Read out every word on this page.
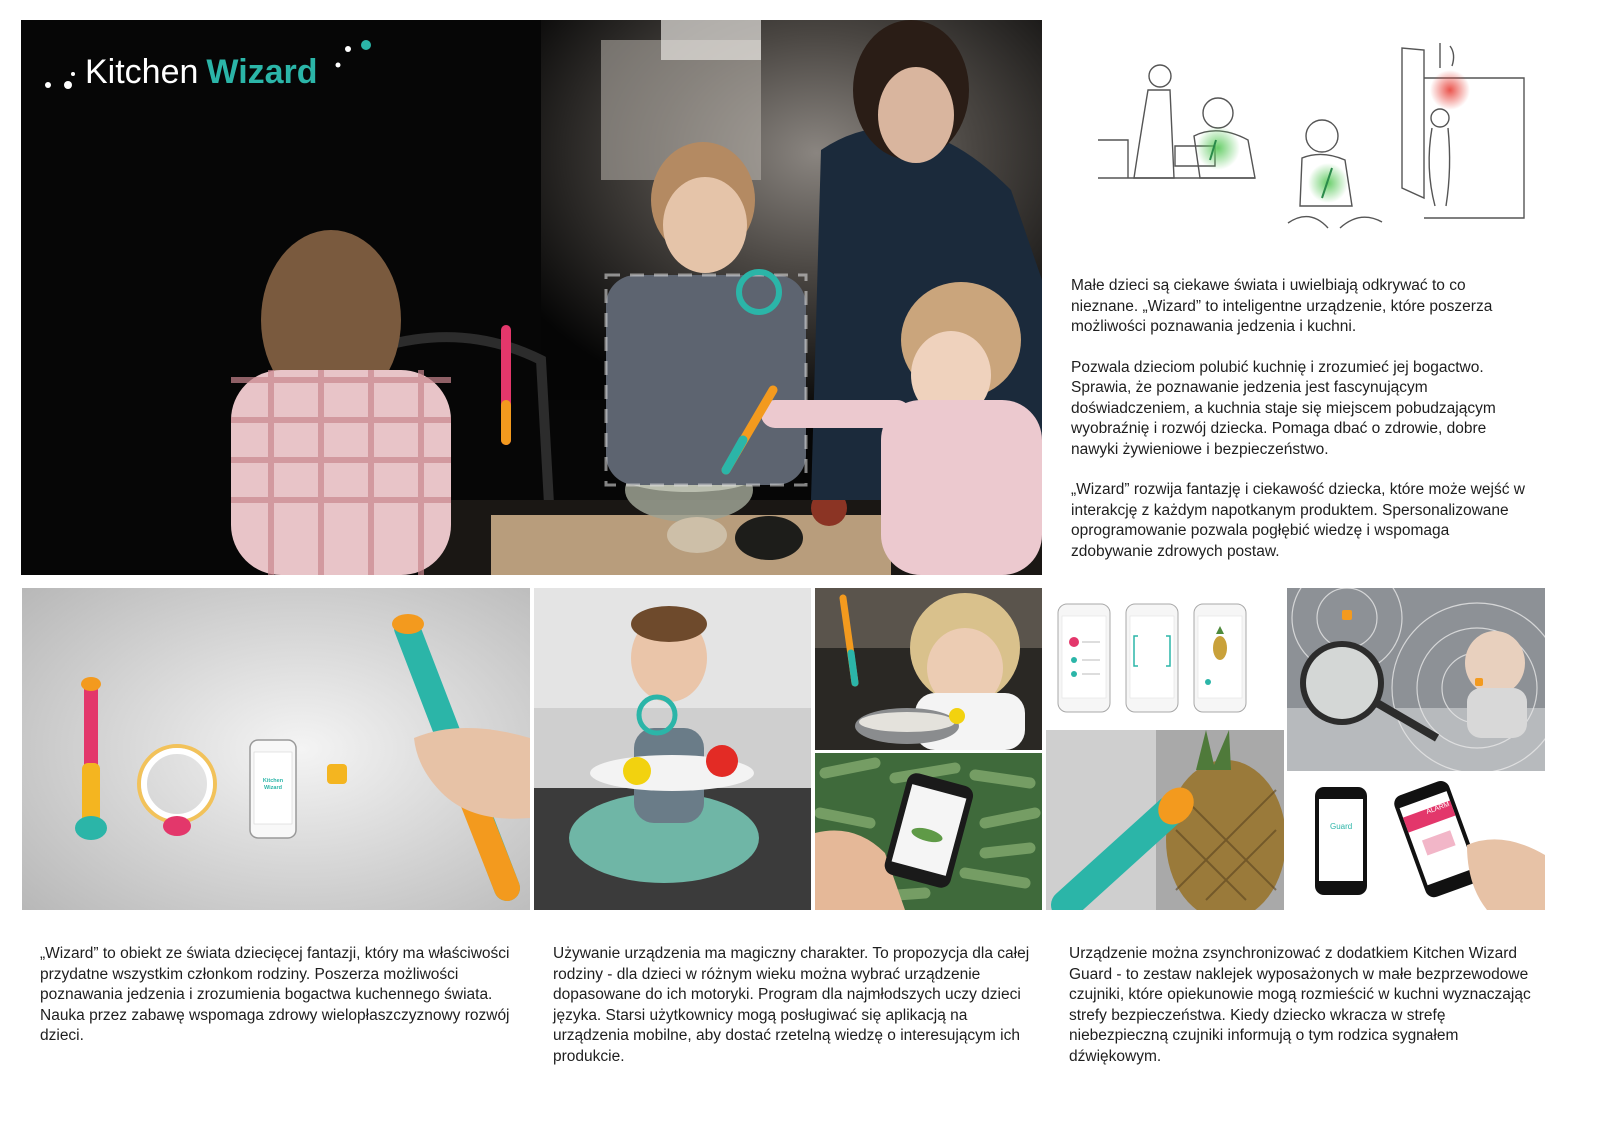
Kitchen Wizard

Małe dzieci są ciekawe świata i uwielbiają odkrywać to co nieznane. „Wizard” to inteligentne urządzenie, które poszerza możliwości poznawania jedzenia i kuchni.

Pozwala dzieciom polubić kuchnię i zrozumieć jej bogactwo. Sprawia, że poznawanie jedzenia jest fascynującym doświadczeniem, a kuchnia staje się miejscem pobudzającym wyobraźnię i rozwój dziecka. Pomaga dbać o zdrowie, dobre nawyki żywieniowe i bezpieczeństwo.

„Wizard” rozwija fantazję i ciekawość dziecka, które może wejść w interakcję z każdym napotkanym produktem. Spersonalizowane oprogramowanie pozwala pogłębić wiedzę i wspomaga zdobywanie zdrowych postaw.

Kitchen Wizard
Guard
ALARM

„Wizard” to obiekt ze świata dziecięcej fantazji, który ma właściwości przydatne wszystkim członkom rodziny. Poszerza możliwości poznawania jedzenia i zrozumienia bogactwa kuchennego świata. Nauka przez zabawę wspomaga zdrowy wielopłaszczyznowy rozwój dzieci.

Używanie urządzenia ma magiczny charakter. To propozycja dla całej rodziny - dla dzieci w różnym wieku można wybrać urządzenie dopasowane do ich motoryki. Program dla najmłodszych uczy dzieci języka. Starsi użytkownicy mogą posługiwać się aplikacją na urządzenia mobilne, aby dostać rzetelną wiedzę o interesującym ich produkcie.

Urządzenie można zsynchronizować z dodatkiem Kitchen Wizard Guard - to zestaw naklejek wyposażonych w małe bezprzewodowe czujniki, które opiekunowie mogą rozmieścić w kuchni wyznaczając strefy bezpieczeństwa. Kiedy dziecko wkracza w strefę niebezpieczną czujniki informują o tym rodzica sygnałem dźwiękowym.
